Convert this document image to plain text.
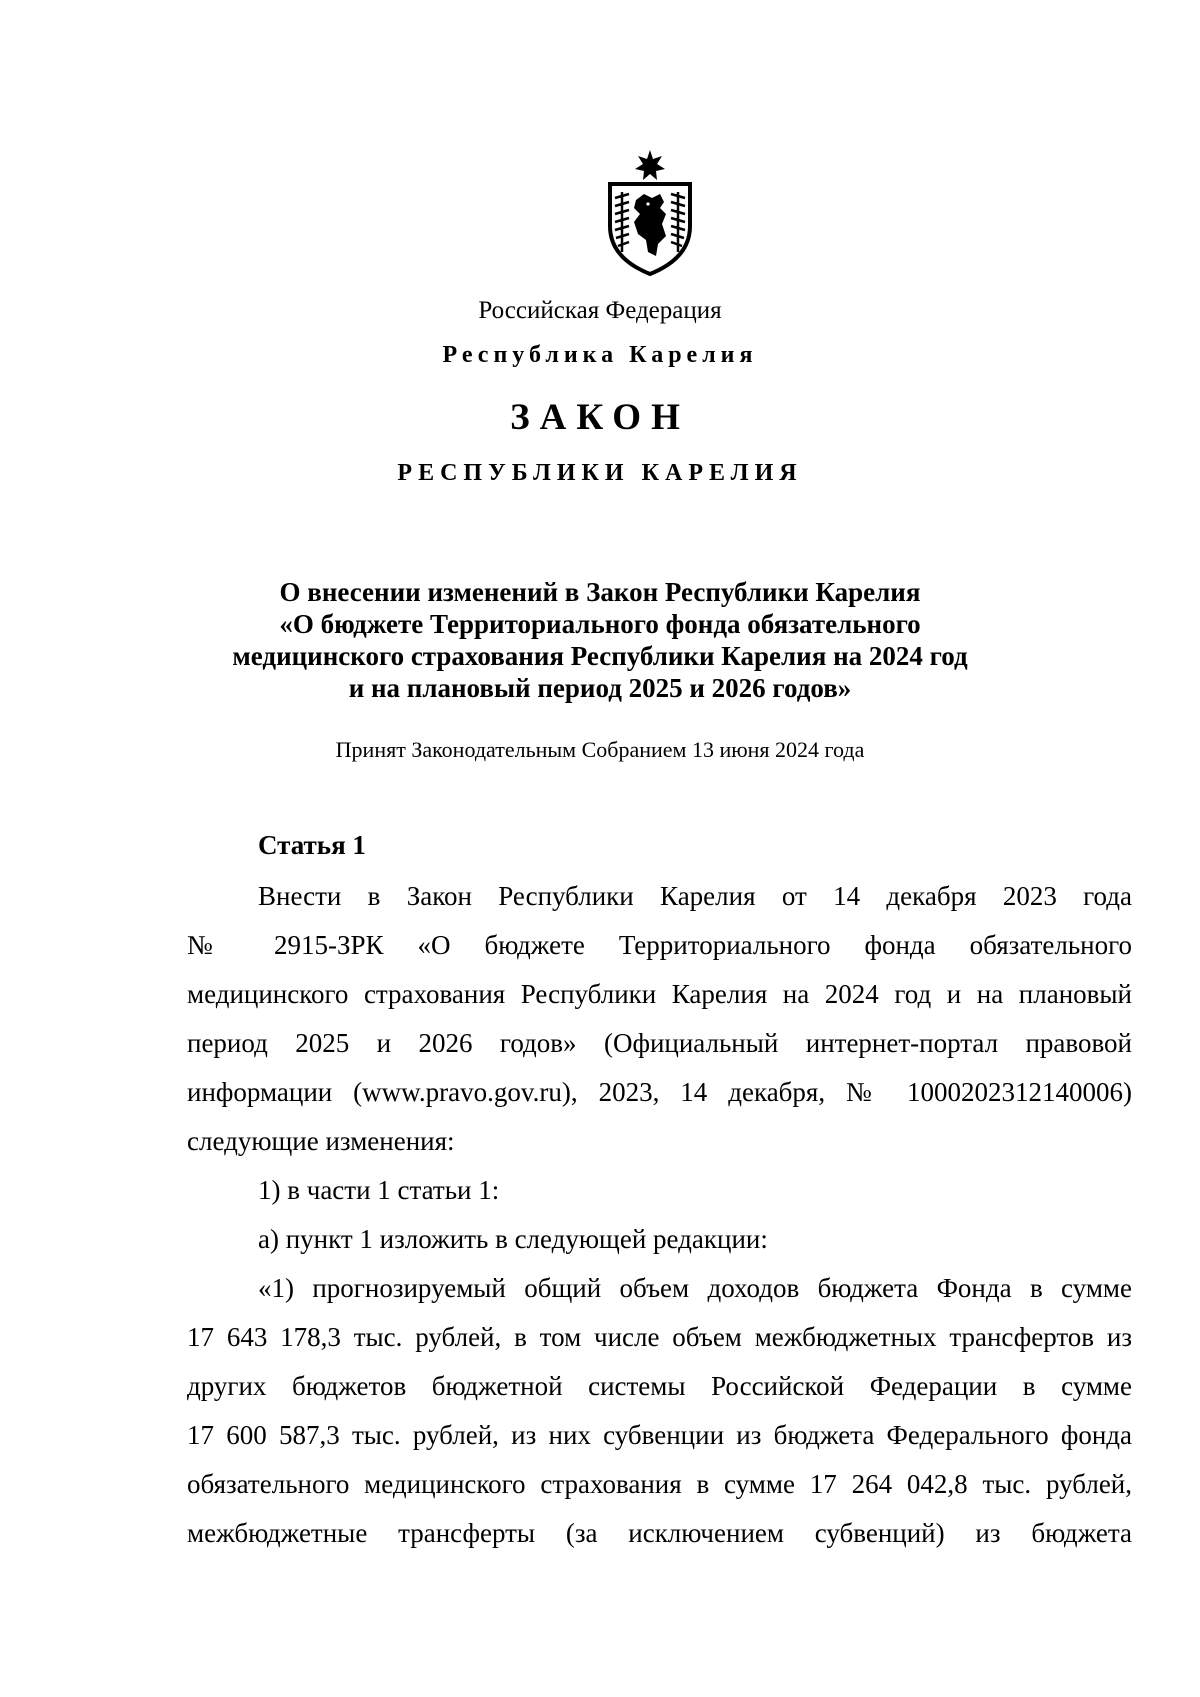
Российская Федерация
Республика Карелия
ЗАКОН
РЕСПУБЛИКИ КАРЕЛИЯ
О внесении изменений в Закон Республики Карелия
«О бюджете Территориального фонда обязательного
медицинского страхования Республики Карелия на 2024 год
и на плановый период 2025 и 2026 годов»
Принят Законодательным Собранием 13 июня 2024 года
Статья 1
Внести в Закон Республики Карелия от 14 декабря 2023 года
№ 2915-ЗРК «О бюджете Территориального фонда обязательного
медицинского страхования Республики Карелия на 2024 год и на плановый
период 2025 и 2026 годов» (Официальный интернет-портал правовой
информации (www.pravo.gov.ru), 2023, 14 декабря, № 1000202312140006)
следующие изменения:
1) в части 1 статьи 1:
а) пункт 1 изложить в следующей редакции:
«1) прогнозируемый общий объем доходов бюджета Фонда в сумме
17 643 178,3 тыс. рублей, в том числе объем межбюджетных трансфертов из
других бюджетов бюджетной системы Российской Федерации в сумме
17 600 587,3 тыс. рублей, из них субвенции из бюджета Федерального фонда
обязательного медицинского страхования в сумме 17 264 042,8 тыс. рублей,
межбюджетные трансферты (за исключением субвенций) из бюджета
